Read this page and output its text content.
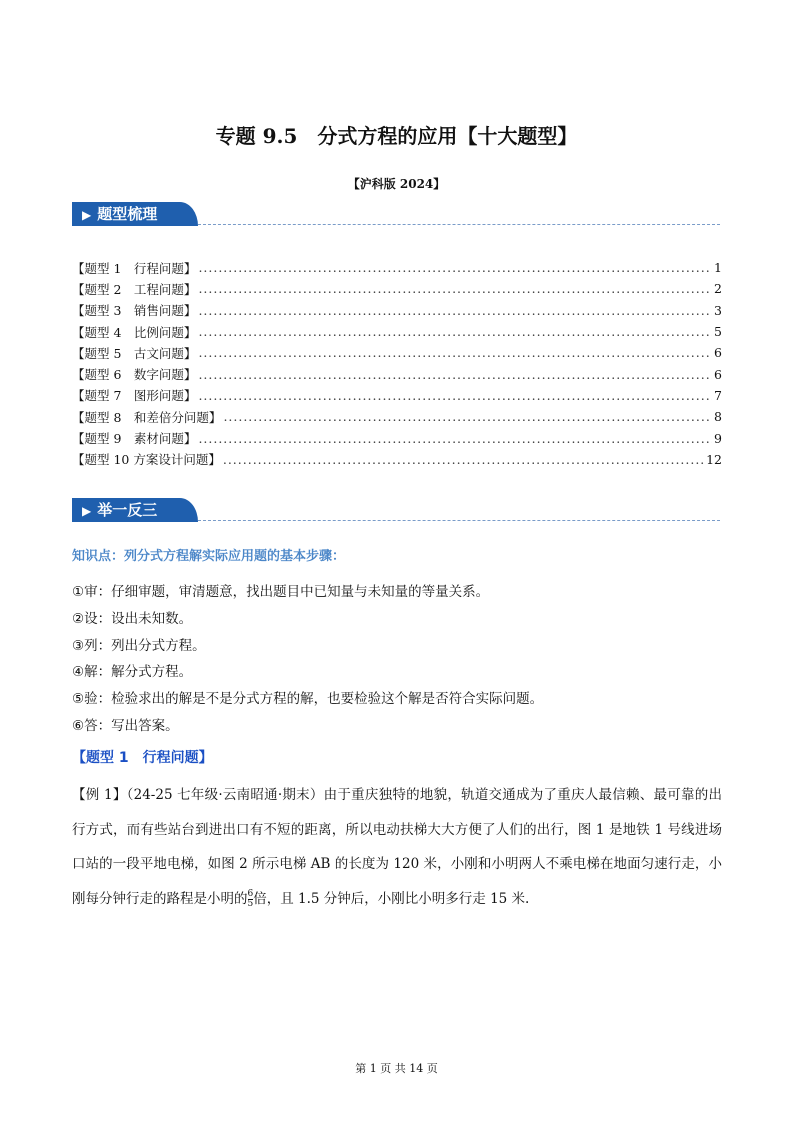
专题 9.5　分式方程的应用【十大题型】
【沪科版 2024】
▶ 题型梳理
【题型 1　行程问题】 .....	1
【题型 2　工程问题】 .....	2
【题型 3　销售问题】 .....	3
【题型 4　比例问题】 .....	5
【题型 5　古文问题】 .....	6
【题型 6　数字问题】 .....	6
【题型 7　图形问题】 .....	7
【题型 8　和差倍分问题】 .....	8
【题型 9　素材问题】 .....	9
【题型 10 方案设计问题】 .....	12
▶ 举一反三
知识点：列分式方程解实际应用题的基本步骤：
①审：仔细审题，审清题意，找出题目中已知量与未知量的等量关系。
②设：设出未知数。
③列：列出分式方程。
④解：解分式方程。
⑤验：检验求出的解是不是分式方程的解，也要检验这个解是否符合实际问题。
⑥答：写出答案。
【题型 1　行程问题】
【例 1】（24-25 七年级·云南昭通·期末）由于重庆独特的地貌，轨道交通成为了重庆人最信赖、最可靠的出行方式，而有些站台到进出口有不短的距离，所以电动扶梯大大方便了人们的出行，图 1 是地铁 1 号线进场口站的一段平地电梯，如图 2 所示电梯 AB 的长度为 120 米，小刚和小明两人不乘电梯在地面匀速行走，小刚每分钟行走的路程是小明的 $\frac{6}{5}$ 倍，且 1.5 分钟后，小刚比小明多行走 15 米.
第 1 页 共 14 页
